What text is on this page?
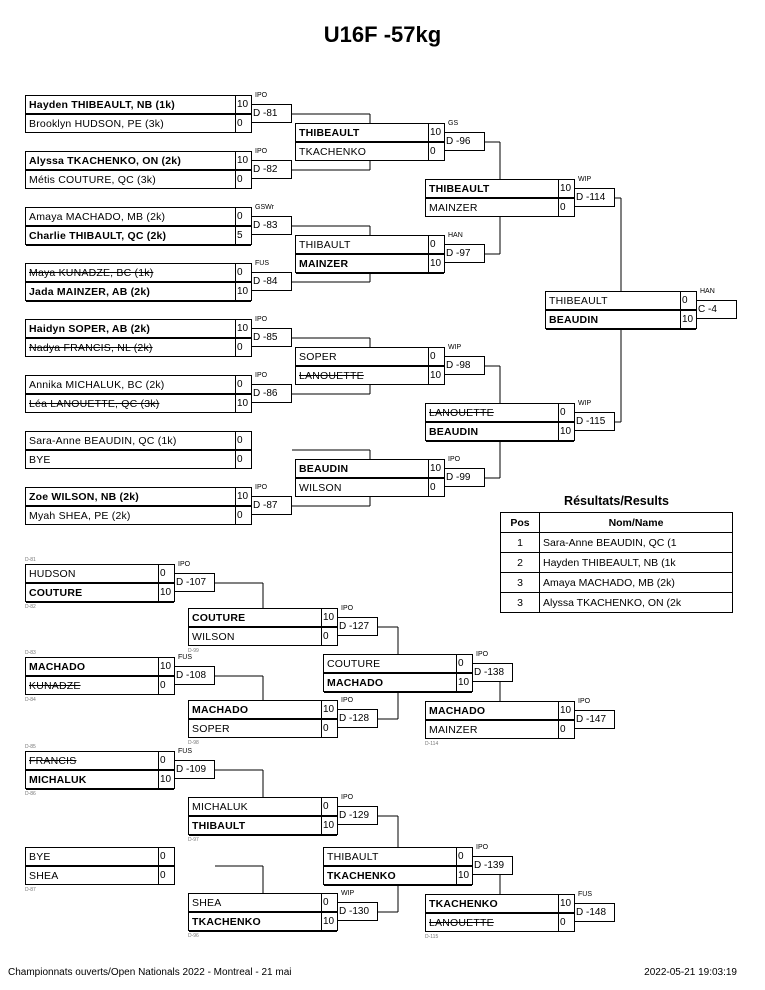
U16F -57kg
Hayden THIBEAULT, NB (1k)	10
Brooklyn HUDSON, PE (3k)	0
D -81
IPO
Alyssa TKACHENKO, ON (2k)	10
Métis COUTURE, QC (3k)	0
D -82
IPO
Amaya MACHADO, MB (2k)	0
Charlie THIBAULT, QC (2k)	5
D -83
GSWr
Maya KUNADZE, BC (1k)	0
Jada MAINZER, AB (2k)	10
D -84
FUS
Haidyn SOPER, AB (2k)	10
Nadya FRANCIS, NL (2k)	0
D -85
IPO
Annika MICHALUK, BC (2k)	0
Léa LANOUETTE, QC (3k)	10
D -86
IPO
Sara-Anne BEAUDIN, QC (1k)	0
BYE	0
Zoe WILSON, NB (2k)	10
Myah SHEA, PE (2k)	0
D -87
IPO
THIBEAULT	10
TKACHENKO	0
D -96
GS
THIBAULT	0
MAINZER	10
D -97
HAN
SOPER	0
LANOUETTE	10
D -98
WIP
BEAUDIN	10
WILSON	0
D -99
IPO
THIBEAULT	10
MAINZER	0
D -114
WIP
LANOUETTE	0
BEAUDIN	10
D -115
WIP
THIBEAULT	0
BEAUDIN	10
C -4
HAN
HUDSON	0
COUTURE	10
D -107
IPO
D-81
D-82
MACHADO	10
KUNADZE	0
D -108
FUS
D-83
D-84
FRANCIS	0
MICHALUK	10
D -109
FUS
D-85
D-86
BYE	0
SHEA	0
D-87
COUTURE	10
WILSON	0
D -127
IPO
D-99
MACHADO	10
SOPER	0
D -128
IPO
D-98
MICHALUK	0
THIBAULT	10
D -129
IPO
D-97
SHEA	0
TKACHENKO	10
D -130
WIP
D-96
COUTURE	0
MACHADO	10
D -138
IPO
THIBAULT	0
TKACHENKO	10
D -139
IPO
MACHADO	10
MAINZER	0
D -147
IPO
D-114
TKACHENKO	10
LANOUETTE	0
D -148
FUS
D-115
Résultats/Results
Pos	Nom/Name
1	Sara-Anne BEAUDIN, QC (1
2	Hayden THIBEAULT, NB (1k
3	Amaya MACHADO, MB (2k)
3	Alyssa TKACHENKO, ON (2k
Championnats ouverts/Open Nationals 2022 - Montreal - 21 mai	2022-05-21 19:03:19
